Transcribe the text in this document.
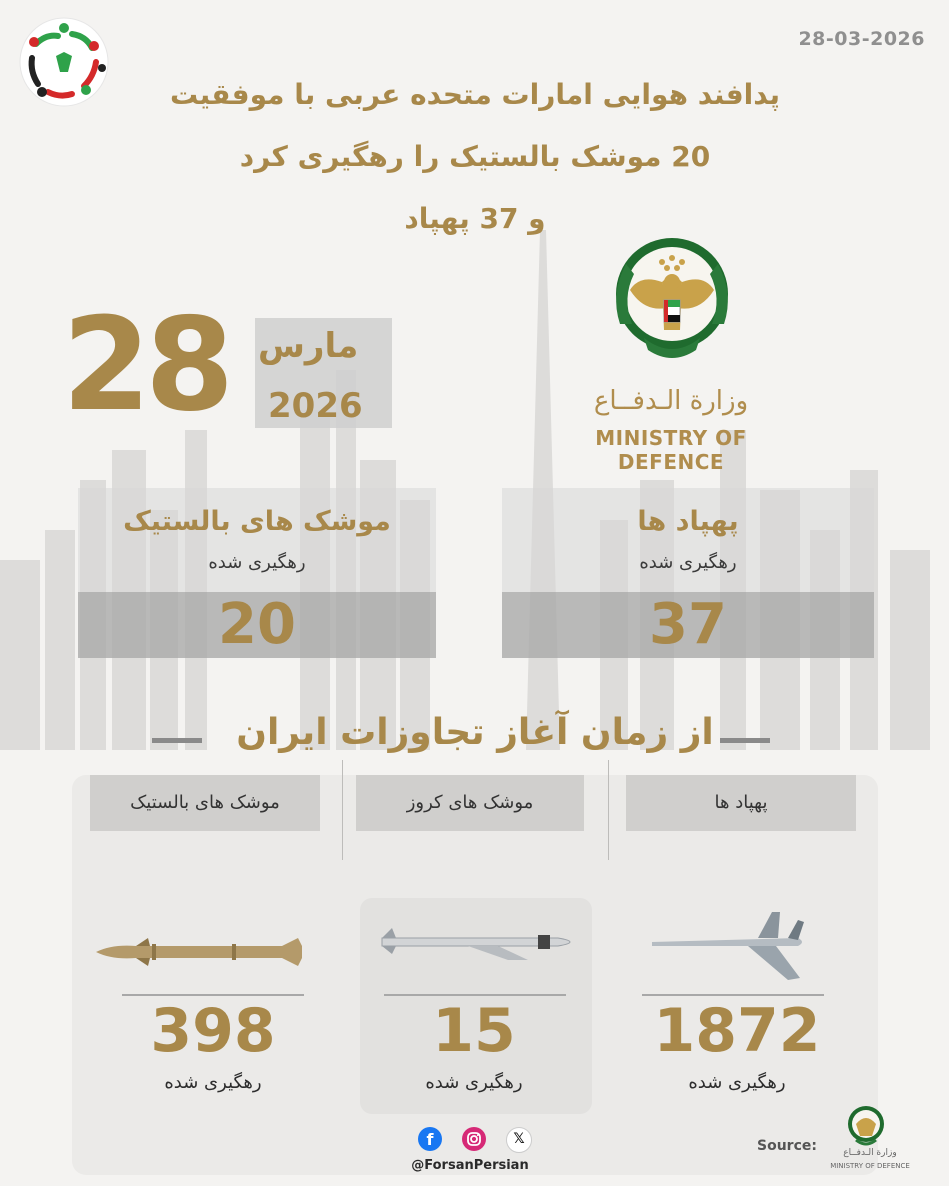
28-03-2026
پدافند هوایی امارات متحده عربی با موفقیت
20 موشک بالستیک را رهگیری کرد
و 37 پهپاد
28 مارس
2026	وزارة الـدفــاع
MINISTRY OF DEFENCE
موشک های بالستیک
رهگیری شده
20
پهپاد ها
رهگیری شده
37
از زمان آغاز تجاوزات ایران
موشک های بالستیک
398
رهگیری شده
موشک های کروز
15
رهگیری شده
پهپاد ها
1872
رهگیری شده
f	𝕏
@ForsanPersian
Source:	وزارة الـدفــاع
MINISTRY OF DEFENCE
